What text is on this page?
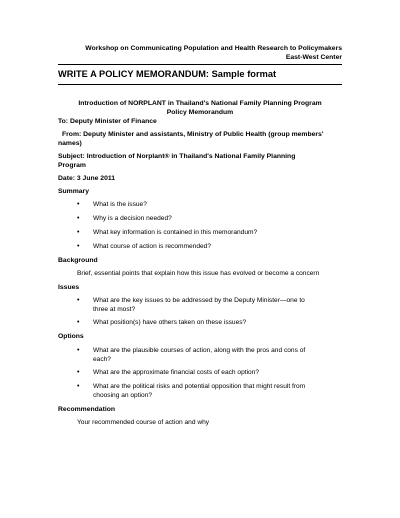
Workshop on Communicating Population and Health Research to Policymakers
East-West Center
WRITE A POLICY MEMORANDUM: Sample format
Introduction of NORPLANT in Thailand's National Family Planning Program
Policy Memorandum
To: Deputy Minister of Finance
From: Deputy Minister and assistants, Ministry of Public Health (group members'
names)
Subject: Introduction of Norplant® in Thailand's National Family Planning
Program
Date: 3 June 2011
Summary
• What is the issue?
• Why is a decision needed?
• What key information is contained in this memorandum?
• What course of action is recommended?
Background
Brief, essential points that explain how this issue has evolved or become a concern
Issues
• What are the key issues to be addressed by the Deputy Minister—one to
three at most?
• What position(s) have others taken on these issues?
Options
• What are the plausible courses of action, along with the pros and cons of
each?
• What are the approximate financial costs of each option?
• What are the political risks and potential opposition that might result from
choosing an option?
Recommendation
Your recommended course of action and why
